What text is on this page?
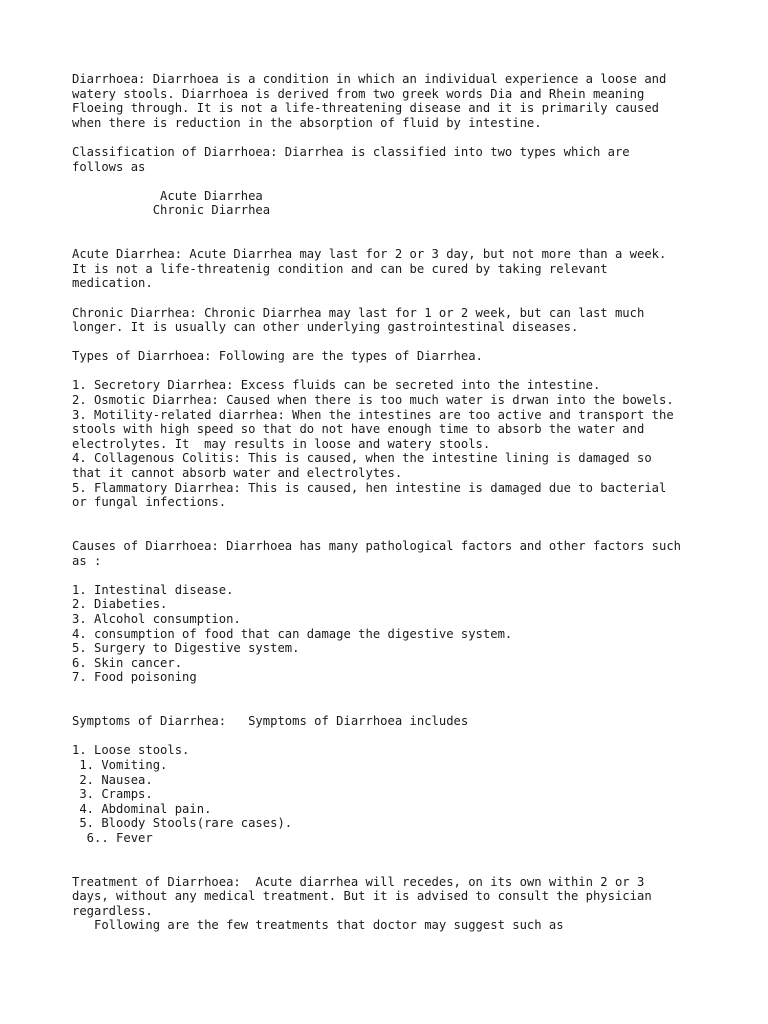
Diarrhoea: Diarrhoea is a condition in which an individual experience a loose and
watery stools. Diarrhoea is derived from two greek words Dia and Rhein meaning
Floeing through. It is not a life-threatening disease and it is primarily caused
when there is reduction in the absorption of fluid by intestine.
Classification of Diarrhoea: Diarrhea is classified into two types which are
follows as
Acute Diarrhea
Chronic Diarrhea
Acute Diarrhea: Acute Diarrhea may last for 2 or 3 day, but not more than a week.
It is not a life-threatenig condition and can be cured by taking relevant
medication.
Chronic Diarrhea: Chronic Diarrhea may last for 1 or 2 week, but can last much
longer. It is usually can other underlying gastrointestinal diseases.
Types of Diarrhoea: Following are the types of Diarrhea.
1. Secretory Diarrhea: Excess fluids can be secreted into the intestine.
2. Osmotic Diarrhea: Caused when there is too much water is drwan into the bowels.
3. Motility-related diarrhea: When the intestines are too active and transport the
stools with high speed so that do not have enough time to absorb the water and
electrolytes. It  may results in loose and watery stools.
4. Collagenous Colitis: This is caused, when the intestine lining is damaged so
that it cannot absorb water and electrolytes.
5. Flammatory Diarrhea: This is caused, hen intestine is damaged due to bacterial
or fungal infections.
Causes of Diarrhoea: Diarrhoea has many pathological factors and other factors such
as :
1. Intestinal disease.
2. Diabeties.
3. Alcohol consumption.
4. consumption of food that can damage the digestive system.
5. Surgery to Digestive system.
6. Skin cancer.
7. Food poisoning
Symptoms of Diarrhea:   Symptoms of Diarrhoea includes
1. Loose stools.
1. Vomiting.
2. Nausea.
3. Cramps.
4. Abdominal pain.
5. Bloody Stools(rare cases).
6.. Fever
Treatment of Diarrhoea:  Acute diarrhea will recedes, on its own within 2 or 3
days, without any medical treatment. But it is advised to consult the physician
regardless.
Following are the few treatments that doctor may suggest such as
